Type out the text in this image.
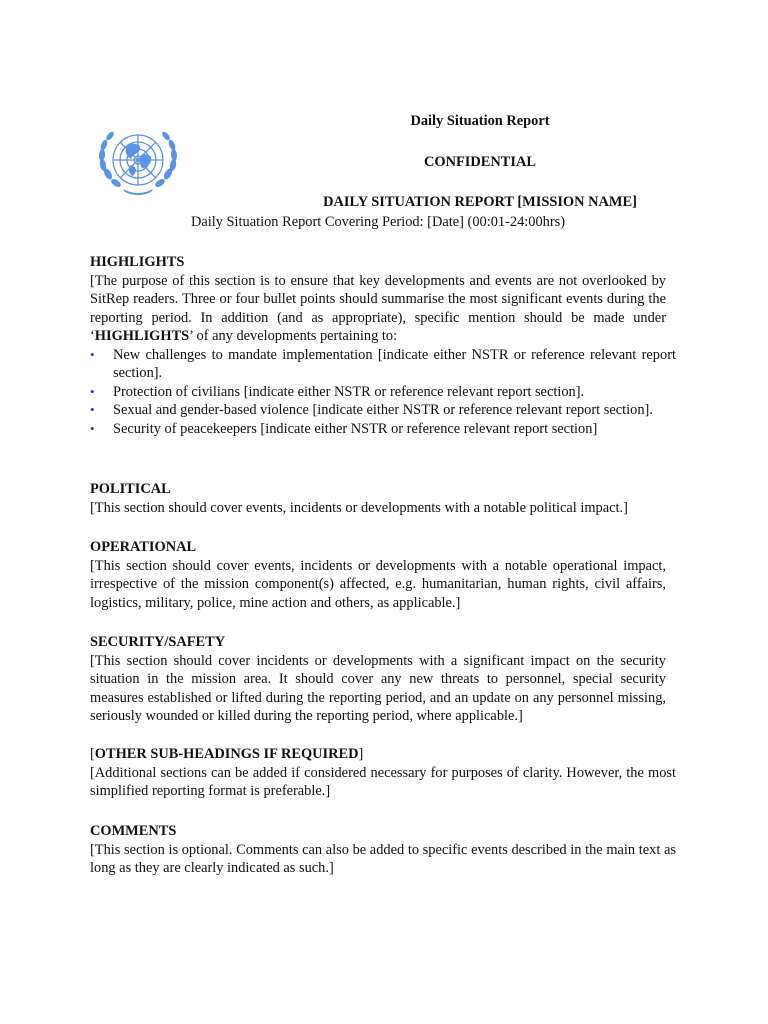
Daily Situation Report
CONFIDENTIAL
DAILY SITUATION REPORT [MISSION NAME]
Daily Situation Report Covering Period: [Date] (00:01-24:00hrs)
HIGHLIGHTS

[The purpose of this section is to ensure that key developments and events are not overlooked by SitRep readers. Three or four bullet points should summarise the most significant events during the reporting period. In addition (and as appropriate), specific mention should be made under ‘HIGHLIGHTS’ of any developments pertaining to:

• New challenges to mandate implementation [indicate either NSTR or reference relevant report section].
• Protection of civilians [indicate either NSTR or reference relevant report section].
• Sexual and gender-based violence [indicate either NSTR or reference relevant report section].
• Security of peacekeepers [indicate either NSTR or reference relevant report section]
POLITICAL

[This section should cover events, incidents or developments with a notable political impact.]

OPERATIONAL

[This section should cover events, incidents or developments with a notable operational impact, irrespective of the mission component(s) affected, e.g. humanitarian, human rights, civil affairs, logistics, military, police, mine action and others, as applicable.]

SECURITY/SAFETY

[This section should cover incidents or developments with a significant impact on the security situation in the mission area. It should cover any new threats to personnel, special security measures established or lifted during the reporting period, and an update on any personnel missing, seriously wounded or killed during the reporting period, where applicable.]

[OTHER SUB-HEADINGS IF REQUIRED]

[Additional sections can be added if considered necessary for purposes of clarity. However, the most simplified reporting format is preferable.]

COMMENTS

[This section is optional. Comments can also be added to specific events described in the main text as long as they are clearly indicated as such.]
